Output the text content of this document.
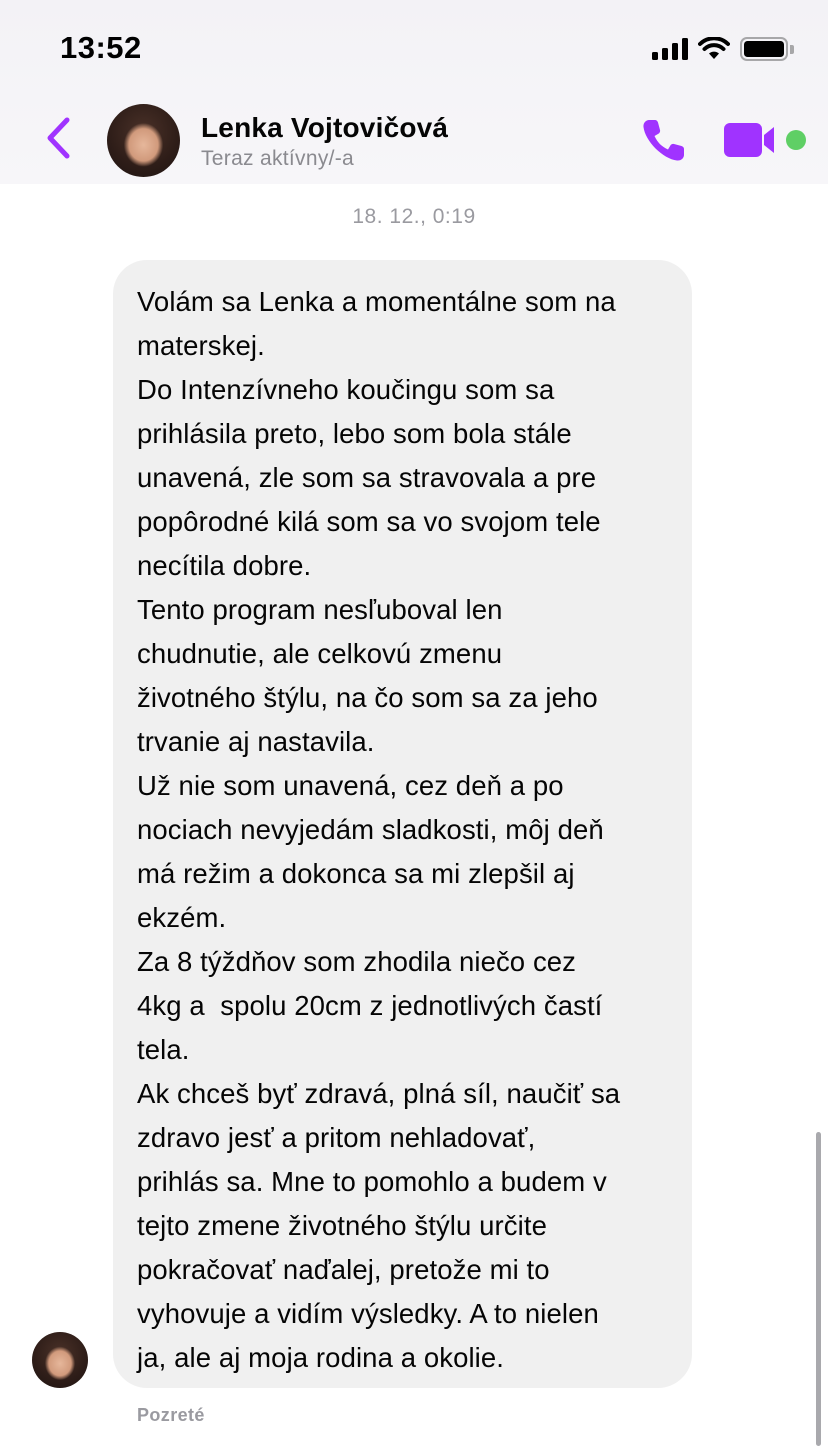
13:52
Lenka Vojtovičová
Teraz aktívny/-a
18. 12., 0:19
Volám sa Lenka a momentálne som na
materskej.
Do Intenzívneho koučingu som sa
prihlásila preto, lebo som bola stále
unavená, zle som sa stravovala a pre
popôrodné kilá som sa vo svojom tele
necítila dobre.
Tento program nesľuboval len
chudnutie, ale celkovú zmenu
životného štýlu, na čo som sa za jeho
trvanie aj nastavila.
Už nie som unavená, cez deň a po
nociach nevyjedám sladkosti, môj deň
má režim a dokonca sa mi zlepšil aj
ekzém.
Za 8 týždňov som zhodila niečo cez
4kg a  spolu 20cm z jednotlivých častí
tela.
Ak chceš byť zdravá, plná síl, naučiť sa
zdravo jesť a pritom nehladovať,
prihlás sa. Mne to pomohlo a budem v
tejto zmene životného štýlu určite
pokračovať naďalej, pretože mi to
vyhovuje a vidím výsledky. A to nielen
ja, ale aj moja rodina a okolie.
Pozreté
